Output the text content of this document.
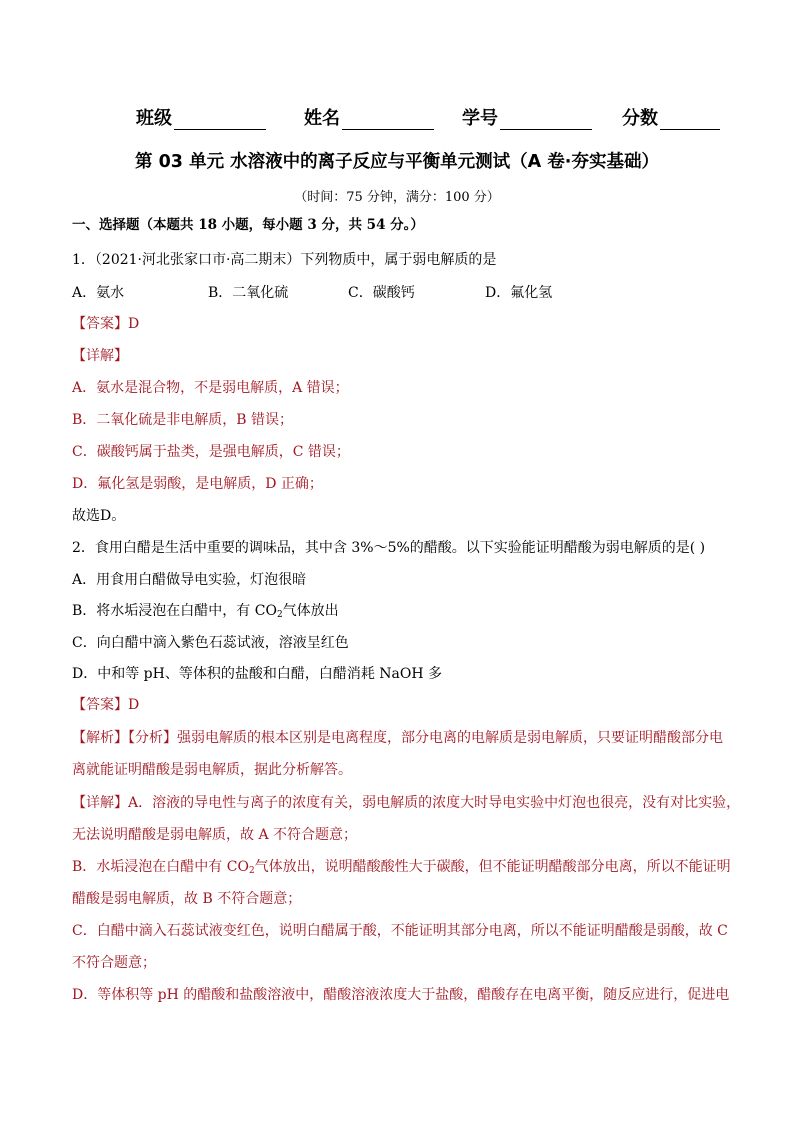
班级	姓名	学号	分数
第 03 单元 水溶液中的离子反应与平衡单元测试（A 卷·夯实基础）
（时间：75 分钟，满分：100 分）
一、选择题（本题共 18 小题，每小题 3 分，共 54 分。）
1．（2021·河北张家口市·高二期末）下列物质中，属于弱电解质的是
A．氨水	B．二氧化硫	C．碳酸钙	D．氟化氢
【答案】D
【详解】
A．氨水是混合物，不是弱电解质，A 错误；
B．二氧化硫是非电解质，B 错误；
C．碳酸钙属于盐类，是强电解质，C 错误；
D．氟化氢是弱酸，是电解质，D 正确；
故选D。
2．食用白醋是生活中重要的调味品，其中含 3%～5%的醋酸。以下实验能证明醋酸为弱电解质的是( )
A．用食用白醋做导电实验，灯泡很暗
B．将水垢浸泡在白醋中，有 $CO_2$气体放出
C．向白醋中滴入紫色石蕊试液，溶液呈红色
D．中和等 pH、等体积的盐酸和白醋，白醋消耗 NaOH 多
【答案】D
【解析】【分析】强弱电解质的根本区别是电离程度，部分电离的电解质是弱电解质，只要证明醋酸部分电
离就能证明醋酸是弱电解质，据此分析解答。
【详解】A．溶液的导电性与离子的浓度有关，弱电解质的浓度大时导电实验中灯泡也很亮，没有对比实验，
无法说明醋酸是弱电解质，故 A 不符合题意；
B．水垢浸泡在白醋中有 $CO_2$气体放出，说明醋酸酸性大于碳酸，但不能证明醋酸部分电离，所以不能证明
醋酸是弱电解质，故 B 不符合题意；
C．白醋中滴入石蕊试液变红色，说明白醋属于酸，不能证明其部分电离，所以不能证明醋酸是弱酸，故 C
不符合题意；
D．等体积等 pH 的醋酸和盐酸溶液中，醋酸溶液浓度大于盐酸，醋酸存在电离平衡，随反应进行，促进电
